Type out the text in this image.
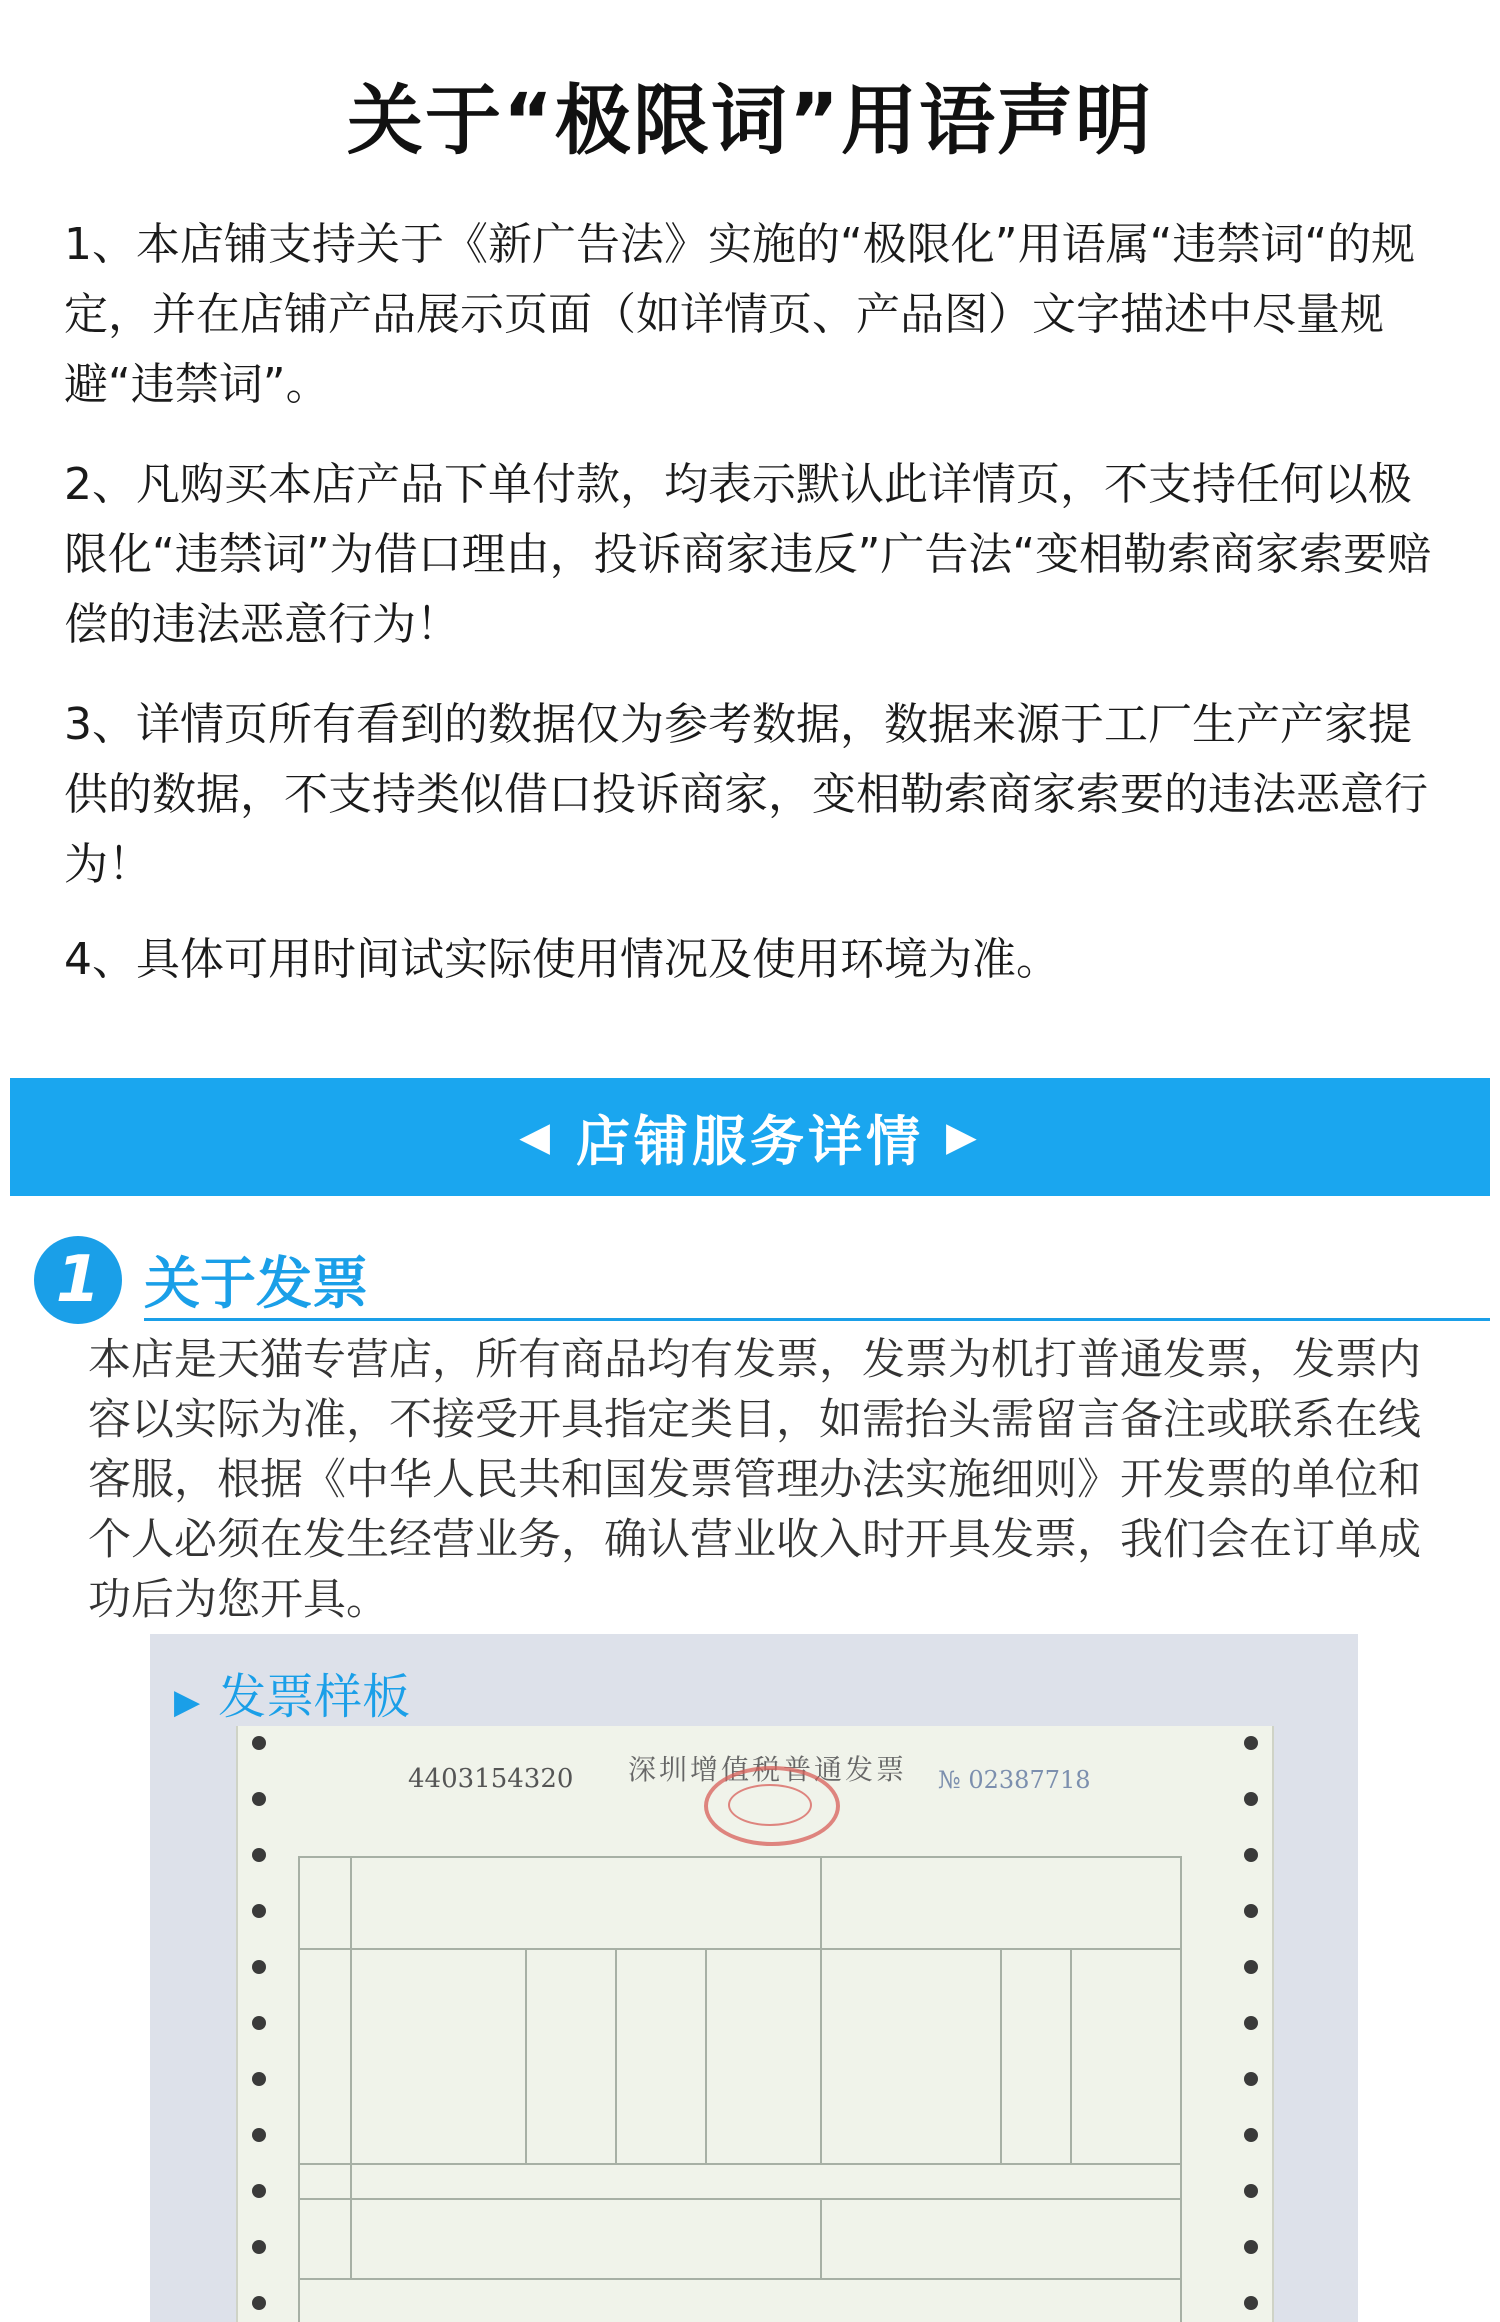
关于“极限词”用语声明
1、本店铺支持关于《新广告法》实施的“极限化”用语属“违禁词“的规定，并在店铺产品展示页面（如详情页、产品图）文字描述中尽量规避“违禁词”。
2、凡购买本店产品下单付款，均表示默认此详情页，不支持任何以极限化“违禁词”为借口理由，投诉商家违反”广告法“变相勒索商家索要赔偿的违法恶意行为！
3、详情页所有看到的数据仅为参考数据，数据来源于工厂生产产家提供的数据，不支持类似借口投诉商家，变相勒索商家索要的违法恶意行为！
4、具体可用时间试实际使用情况及使用环境为准。
◀ 店铺服务详情 ▶
1 关于发票
本店是天猫专营店，所有商品均有发票，发票为机打普通发票，发票内容以实际为准，不接受开具指定类目，如需抬头需留言备注或联系在线客服，根据《中华人民共和国发票管理办法实施细则》开发票的单位和个人必须在发生经营业务，确认营业收入时开具发票，我们会在订单成功后为您开具。
▶ 发票样板
4403154320 深圳增值税普通发票 № 02387718
